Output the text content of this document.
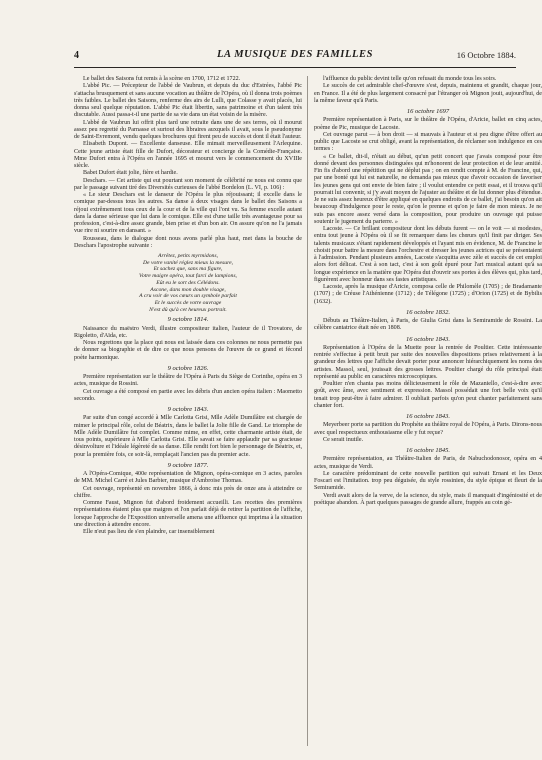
4	LA MUSIQUE DES FAMILLES	16 Octobre 1884.

Le ballet des Saisons fut remis à la scène en 1700, 1712 et 1722.

L'abbé Pic. — Précepteur de l'abbé de Vaubrun, et depuis du duc d'Estrées, l'abbé Pic s'attacha brusquement et sans aucune vocation au théâtre de l'Opéra, où il donna trois poèmes très faibles. Le ballet des Saisons, renferme des airs de Lulli, que Colasse y avait placés, lui donna seul quelque réputation. L'abbé Pic était libertin, sans patrimoine et d'un talent très discutable. Aussi passa-t-il une partie de sa vie dans un état voisin de la misère.

L'abbé de Vaubrun lui offrit plus tard une retraite dans une de ses terres, où il mourut assez peu regretté du Parnasse et surtout des libraires auxquels il avait, sous le pseudonyme de Saint-Evremont, vendu quelques brochures qui firent peu de succès et dont il était l'auteur.

Elisabeth Dupont. — Excellente danseuse. Elle mimait merveilleusement l'Arlequine. Cette jeune artiste était fille de Dufort, décorateur et concierge de la Comédie-Française. Mme Dufort entra à l'Opéra en l'année 1695 et mourut vers le commencement du XVIIIe siècle.

Babet Dufort était jolie, fière et hardie.

Deschars. — Cet artiste qui eut pourtant son moment de célébrité ne nous est connu que par le passage suivant tiré des Diversités curieuses de l'abbé Bordelon (L. VI, p. 106) :

« Le sieur Deschars est le danseur de l'Opéra le plus réjouissant; il excelle dans le comique par-dessus tous les autres. Sa danse à deux visages dans le ballet des Saisons a réjoui extrêmement tous ceux de la cour et de la ville qui l'ont vu. Sa femme excelle autant dans la danse sérieuse que lui dans le comique. Elle est d'une taille très avantageuse pour sa profession, c'est-à-dire assez grande, bien prise et d'un bon air. On assure qu'on ne l'a jamais vue rire ni sourire en dansant. »

Rousseau, dans le dialogue dont nous avons parlé plus haut, met dans la bouche de Deschars l'apostrophe suivante :

Arrêtez, petits myrmidons,
De votre vanité réglez mieux la mesure,
Et sachez que, sans ma figure,
Votre maigre opéra, tout farci de lampions,
Eût eu le sort des Célédons.
Ascone, dans mon double visage,
A cru voir de vos cœurs un symbole parfait
Et le succès de votre ouvrage
N'est dû qu'à cet heureux portrait.
9 octobre 1814.

Naissance du maëstro Verdi, illustre compositeur italien, l'auteur de il Trovatore, de Rigoletto, d'Aïda, etc.

Nous regrettons que la place qui nous est laissée dans ces colonnes ne nous permette pas de donner sa biographie et de dire ce que nous pensons de l'œuvre de ce grand et fécond poète harmonique.

9 octobre 1826.

Première représentation sur le théâtre de l'Opéra à Paris du Siège de Corinthe, opéra en 3 actes, musique de Rossini.

Cet ouvrage a été composé en partie avec les débris d'un ancien opéra italien : Maometto secondo.

9 octobre 1843.

Par suite d'un congé accordé à Mlle Carlotta Grisi, Mlle Adèle Dumilâtre est chargée de mimer le principal rôle, celui de Béatrix, dans le ballet la Jolie fille de Gand. Le triomphe de Mlle Adèle Dumilâtre fut complet. Comme mime, en effet, cette charmante artiste était, de tous points, supérieure à Mlle Carlotta Grisi. Elle savait se faire applaudir par sa gracieuse désinvolture et l'idéale légèreté de sa danse. Elle rendit fort bien le personnage de Béatrix, et, pour la première fois, ce soir-là, remplaçait l'ancien pas du premier acte.

9 octobre 1877.

A l'Opéra-Comique, 400e représentation de Mignon, opéra-comique en 3 actes, paroles de MM. Michel Carré et Jules Barbier, musique d'Ambroise Thomas.

Cet ouvrage, représenté en novembre 1866, à donc mis près de onze ans à atteindre ce chiffre.

Comme Faust, Mignon fut d'abord froidement accueilli. Les recettes des premières représentations étaient plus que maigres et l'on parlait déjà de retirer la partition de l'affiche, lorsque l'approche de l'Exposition universelle amena une affluence qui imprima à la situation une direction à attendre encore.

Elle n'eut pas lieu de s'en plaindre, car insensiblement

l'affluence du public devint telle qu'on refusait du monde tous les soirs.

Le succès de cet admirable chef-d'œuvre s'est, depuis, maintenu et grandit, chaque jour, en France. Il a été de plus largement consacré par l'étranger où Mignon jouit, aujourd'hui, de la même faveur qu'à Paris.

16 octobre 1697

Première représentation à Paris, sur le théâtre de l'Opéra, d'Aricie, ballet en cinq actes, poème de Pic, musique de Lacoste.

Cet ouvrage parut — à bon droit — si mauvais à l'auteur et si peu digne d'être offert au public que Lacoste se crut obligé, avant la représentation, de réclamer son indulgence en ces termes :

« Ce ballet, dit-il, n'était au début, qu'un petit concert que j'avais composé pour être donné devant des personnes distinguées qui m'honorent de leur protection et de leur amitié. Fin fis d'abord une répétition qui ne déplut pas ; on en rendit compte à M. de Francine, qui, par une bonté qui lui est naturelle, ne demanda pas mieux que d'avoir occasion de favoriser les jeunes gens qui ont envie de bien faire ; il voulut entendre ce petit essai, et il trouva qu'il pourrait lui convenir, si j'y avait moyen de l'ajuster au théâtre et de lui donner plus d'étendue. Je ne suis assez heureux d'être appliqué en quelques endroits de ce ballet, j'ai besoin qu'on ait beaucoup d'indulgence pour le reste, qu'on le prenne et qu'on je faire de mon mieux. Je ne suis pas encore assez versé dans la composition, pour produire un ouvrage qui puisse soutenir le jugement du parterre. »

Lacoste. — Ce brillant compositeur dont les débuts furent — on le voit — si modestes, entra tout jeune à l'Opéra où il se fit remarquer dans les chœurs qu'il finit par diriger. Ses talents musicaux s'étant rapidement développés et l'ayant mis en évidence, M. de Francine le choisit pour battre la mesure dans l'orchestre et dresser les jeunes actrices qui se présentaient à l'admission. Pendant plusieurs années, Lacoste s'acquitta avec zèle et succès de cet emploi alors fort délicat. C'est à son tact, c'est à son goût épuré pour l'art musical autant qu'à sa longue expérience en la matière que l'Opéra dut d'ouvrir ses portes à des élèves qui, plus tard, figurèrent avec honneur dans ses fastes artistiques.

Lacoste, après la musique d'Aricie, composa celle de Philomèle (1705) ; de Bradamante (1707) ; de Créuse l'Athénienne (1712) ; de Télégone (1725) ; d'Orion (1725) et de Bybilis (1632).

16 octobre 1832.

Débuts au Théâtre-Italien, à Paris, de Giulia Grisi dans la Semiramide de Rossini. La célèbre cantatrice était née en 1808.

16 octobre 1843.

Représentation à l'Opéra de la Muette pour la rentrée de Poultier. Cette intéressante rentrée s'effectue à petit bruit par suite des nouvelles dispositions prises relativement à la grandeur des lettres que l'affiche devait porter pour annoncer hiérarchiquement les noms des artistes. Massol, seul, jouissait des grosses lettres. Poultier chargé du rôle principal était représenté au public en caractères microscopiques.

Poultier n'en chanta pas moins délicieusement le rôle de Mazaniello, c'est-à-dire avec goût, avec âme, avec sentiment et expression. Massol possédait une fort belle voix qu'il tenait trop peut-être à faire admirer. Il oubliait parfois qu'on peut chanter parfaitement sans chanter fort.

16 octobre 1843.

Meyerbeer porte sa partition du Prophète au théâtre royal de l'Opéra, à Paris. Dirons-nous avec quel respectueux enthousiasme elle y fut reçue?

Ce serait inutile.

16 octobre 1845.

Première représentation, au Théâtre-Italien de Paris, de Nabuchodonosor, opéra en 4 actes, musique de Verdi.

Le caractère prédominant de cette nouvelle partition qui suivait Ernani et les Deux Foscari est l'imitation. trop peu déguisée, du style rossinien, du style épique et fleuri de la Semiramide.

Verdi avait alors de la verve, de la science, du style, mais il manquait d'ingéniosité et de poétique abandon. À part quelques passages de grande allure, frappés au coin gé-
